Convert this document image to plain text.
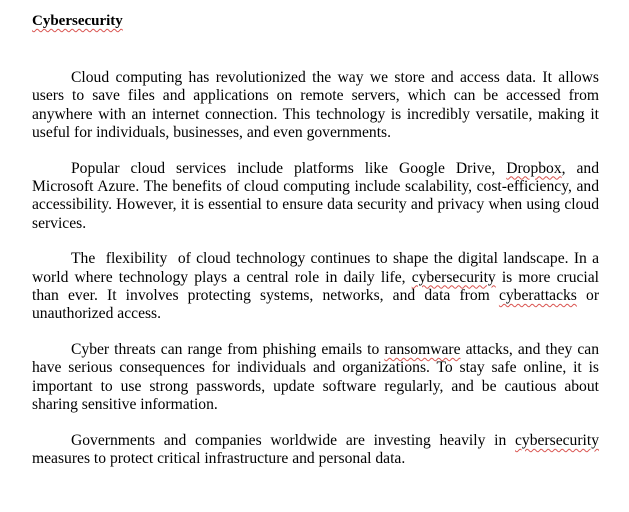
Cybersecurity

Cloud computing has revolutionized the way we store and access data. It allows users to save files and applications on remote servers, which can be accessed from anywhere with an internet connection. This technology is incredibly versatile, making it useful for individuals, businesses, and even governments.

Popular cloud services include platforms like Google Drive, Dropbox, and Microsoft Azure. The benefits of cloud computing include scalability, cost-efficiency, and accessibility. However, it is essential to ensure data security and privacy when using cloud services.

The  flexibility  of cloud technology continues to shape the digital landscape. In a world where technology plays a central role in daily life, cybersecurity is more crucial than ever. It involves protecting systems, networks, and data from cyberattacks or unauthorized access.

Cyber threats can range from phishing emails to ransomware attacks, and they can have serious consequences for individuals and organizations. To stay safe online, it is important to use strong passwords, update software regularly, and be cautious about sharing sensitive information.

Governments and companies worldwide are investing heavily in cybersecurity measures to protect critical infrastructure and personal data.
